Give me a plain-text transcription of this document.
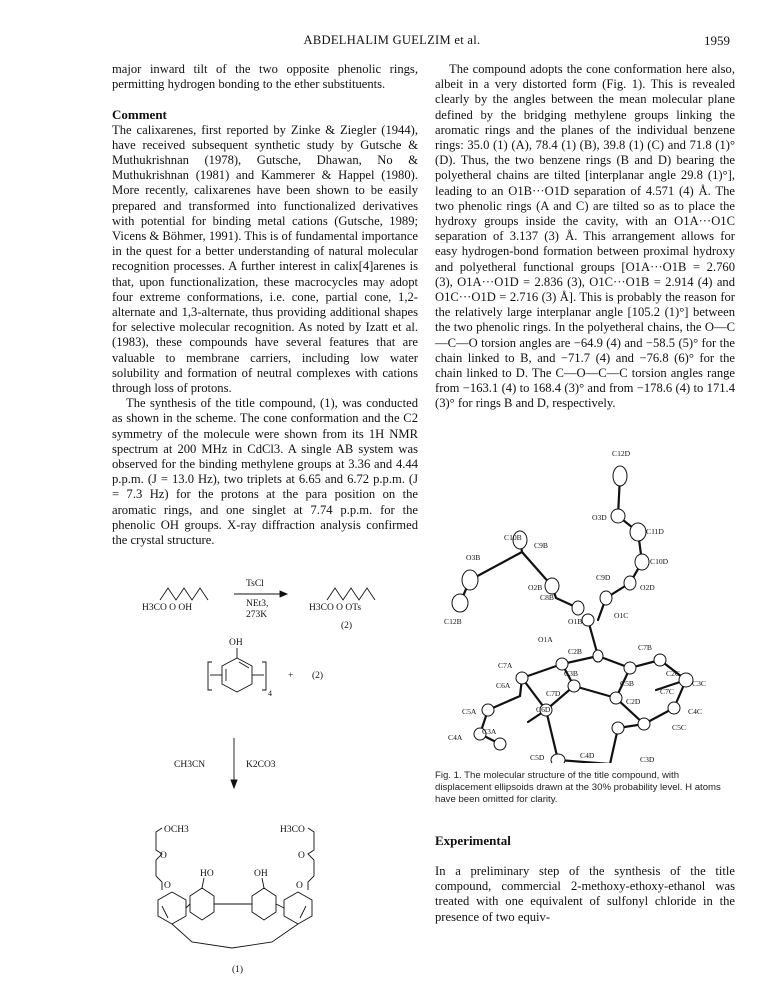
ABDELHALIM GUELZIM et al.	1959

major inward tilt of the two opposite phenolic rings, permitting hydrogen bonding to the ether substituents.

Comment

The calixarenes, first reported by Zinke & Ziegler (1944), have received subsequent synthetic study by Gutsche & Muthukrishnan (1978), Gutsche, Dhawan, No & Muthukrishnan (1981) and Kammerer & Happel (1980). More recently, calixarenes have been shown to be easily prepared and transformed into functionalized derivatives with potential for binding metal cations (Gutsche, 1989; Vicens & Böhmer, 1991). This is of fundamental importance in the quest for a better understanding of natural molecular recognition processes. A further interest in calix[4]arenes is that, upon functionalization, these macrocycles may adopt four extreme conformations, i.e. cone, partial cone, 1,2-alternate and 1,3-alternate, thus providing additional shapes for selective molecular recognition. As noted by Izatt et al. (1983), these compounds have several features that are valuable to membrane carriers, including low water solubility and formation of neutral complexes with cations through loss of protons.

The synthesis of the title compound, (1), was conducted as shown in the scheme. The cone conformation and the C2 symmetry of the molecule were shown from its 1H NMR spectrum at 200 MHz in CdCl3. A single AB system was observed for the binding methylene groups at 3.36 and 4.44 p.p.m. (J = 13.0 Hz), two triplets at 6.65 and 6.72 p.p.m. (J = 7.3 Hz) for the protons at the para position on the aromatic rings, and one singlet at 7.74 p.p.m. for the phenolic OH groups. X-ray diffraction analysis confirmed the crystal structure.

The compound adopts the cone conformation here also, albeit in a very distorted form (Fig. 1). This is revealed clearly by the angles between the mean molecular plane defined by the bridging methylene groups linking the aromatic rings and the planes of the individual benzene rings: 35.0 (1) (A), 78.4 (1) (B), 39.8 (1) (C) and 71.8 (1)° (D). Thus, the two benzene rings (B and D) bearing the polyetheral chains are tilted [interplanar angle 29.8 (1)°], leading to an O1B···O1D separation of 4.571 (4) Å. The two phenolic rings (A and C) are tilted so as to place the hydroxy groups inside the cavity, with an O1A···O1C separation of 3.137 (3) Å. This arrangement allows for easy hydrogen-bond formation between proximal hydroxy and polyetheral functional groups [O1A···O1B = 2.760 (3), O1A···O1D = 2.836 (3), O1C···O1B = 2.914 (4) and O1C···O1D = 2.716 (3) Å]. This is probably the reason for the relatively large interplanar angle [105.2 (1)°] between the two phenolic rings. In the polyetheral chains, the O—C—C—O torsion angles are −64.9 (4) and −58.5 (5)° for the chain linked to B, and −71.7 (4) and −76.8 (6)° for the chain linked to D. The C—O—C—C torsion angles range from −163.1 (4) to 168.4 (3)° and from −178.6 (4) to 171.4 (3)° for rings B and D, respectively.

H3CO O OH
TsCl
NEt3,
273K
H3CO O OTs
(2)
OH
4
+ (2)
CH3CN	K2CO3
OCH3	H3CO
O	O
O
HO	OH
O
(1)
C12D
O3D
C11D
C10B
C9B
O3B	C10D
O2B
C9D
C8B
O2D
C12B	O1B
O1C
O1A
C7B
C7A
C2B
C6A
C2C
C3B
C5B	C3C
C5A
C7C
C4C
C7D
C4A
C6D
C2D
C3A	C5C
C5D	C3D
C4D
Fig. 1. The molecular structure of the title compound, with displacement ellipsoids drawn at the 30% probability level. H atoms have been omitted for clarity.
Experimental
In a preliminary step of the synthesis of the title compound, commercial 2-methoxy-ethoxy-ethanol was treated with one equivalent of sulfonyl chloride in the presence of two equiv-
